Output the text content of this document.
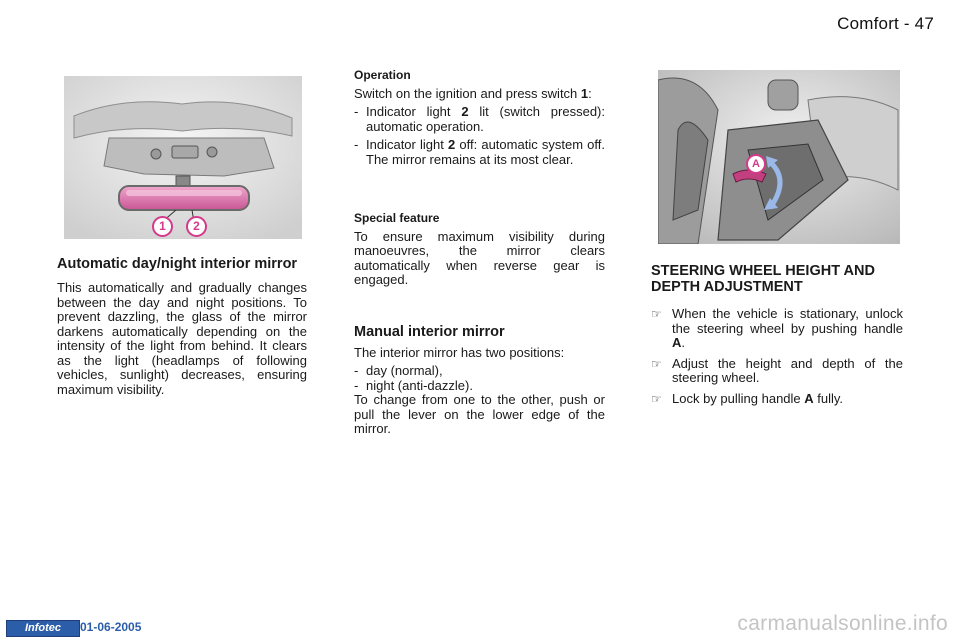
Comfort - 47
1	2

Automatic day/night interior mirror

This automatically and gradually changes between the day and night positions. To prevent dazzling, the glass of the mirror darkens automatically depending on the intensity of the light from behind. It clears as the light (headlamps of following vehicles, sunlight) decreases, ensuring maximum visibility.

Operation

Switch on the ignition and press switch 1:

- Indicator light 2 lit (switch pressed): automatic operation.
- Indicator light 2 off: automatic system off. The mirror remains at its most clear.

Special feature

To ensure maximum visibility during manoeuvres, the mirror clears automatically when reverse gear is engaged.

Manual interior mirror

The interior mirror has two positions:

- day (normal),
- night (anti-dazzle).

To change from one to the other, push or pull the lever on the lower edge of the mirror.

A

STEERING WHEEL HEIGHT AND DEPTH ADJUSTMENT

☞ When the vehicle is stationary, unlock the steering wheel by pushing handle A.
☞ Adjust the height and depth of the steering wheel.
☞ Lock by pulling handle A fully.
Infotec	01-06-2005	carmanualsonline.info
